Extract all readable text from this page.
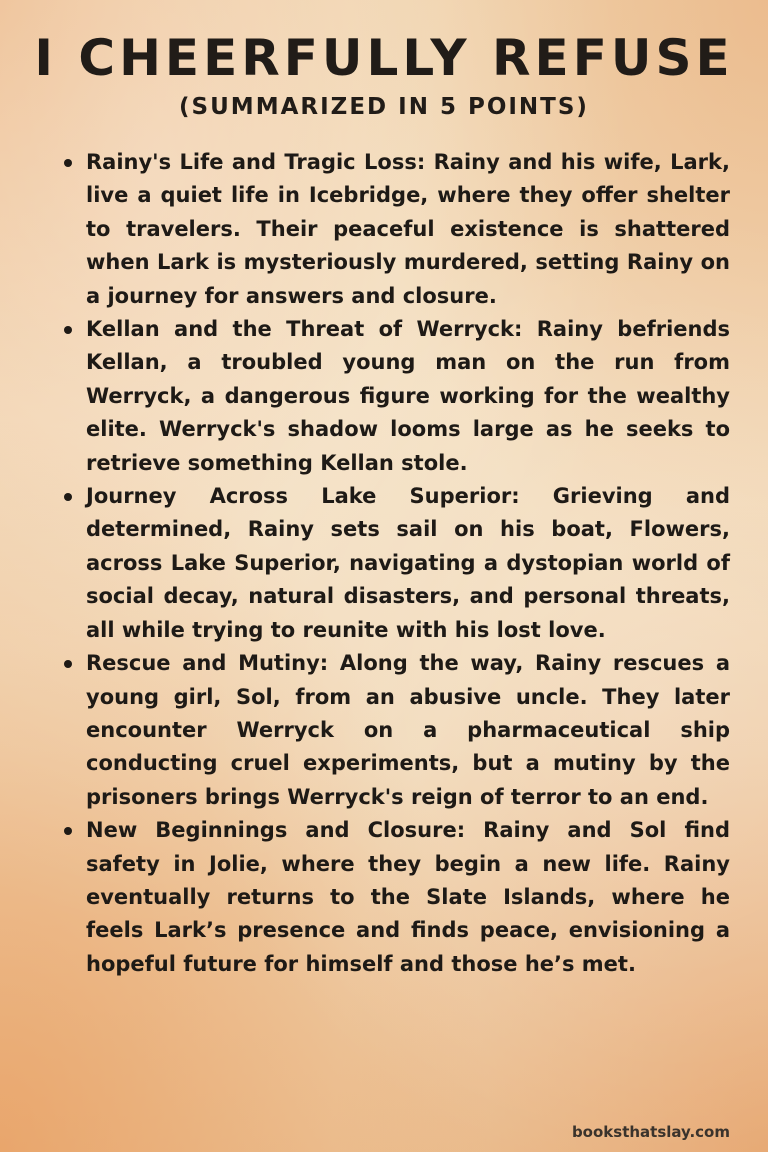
I CHEERFULLY REFUSE
(SUMMARIZED IN 5 POINTS)
Rainy's Life and Tragic Loss: Rainy and his wife, Lark, live a quiet life in Icebridge, where they offer shelter to travelers. Their peaceful existence is shattered when Lark is mysteriously murdered, setting Rainy on a journey for answers and closure.
Kellan and the Threat of Werryck: Rainy befriends Kellan, a troubled young man on the run from Werryck, a dangerous figure working for the wealthy elite. Werryck's shadow looms large as he seeks to retrieve something Kellan stole.
Journey Across Lake Superior: Grieving and determined, Rainy sets sail on his boat, Flowers, across Lake Superior, navigating a dystopian world of social decay, natural disasters, and personal threats, all while trying to reunite with his lost love.
Rescue and Mutiny: Along the way, Rainy rescues a young girl, Sol, from an abusive uncle. They later encounter Werryck on a pharmaceutical ship conducting cruel experiments, but a mutiny by the prisoners brings Werryck's reign of terror to an end.
New Beginnings and Closure: Rainy and Sol find safety in Jolie, where they begin a new life. Rainy eventually returns to the Slate Islands, where he feels Lark’s presence and finds peace, envisioning a hopeful future for himself and those he’s met.
booksthatslay.com
